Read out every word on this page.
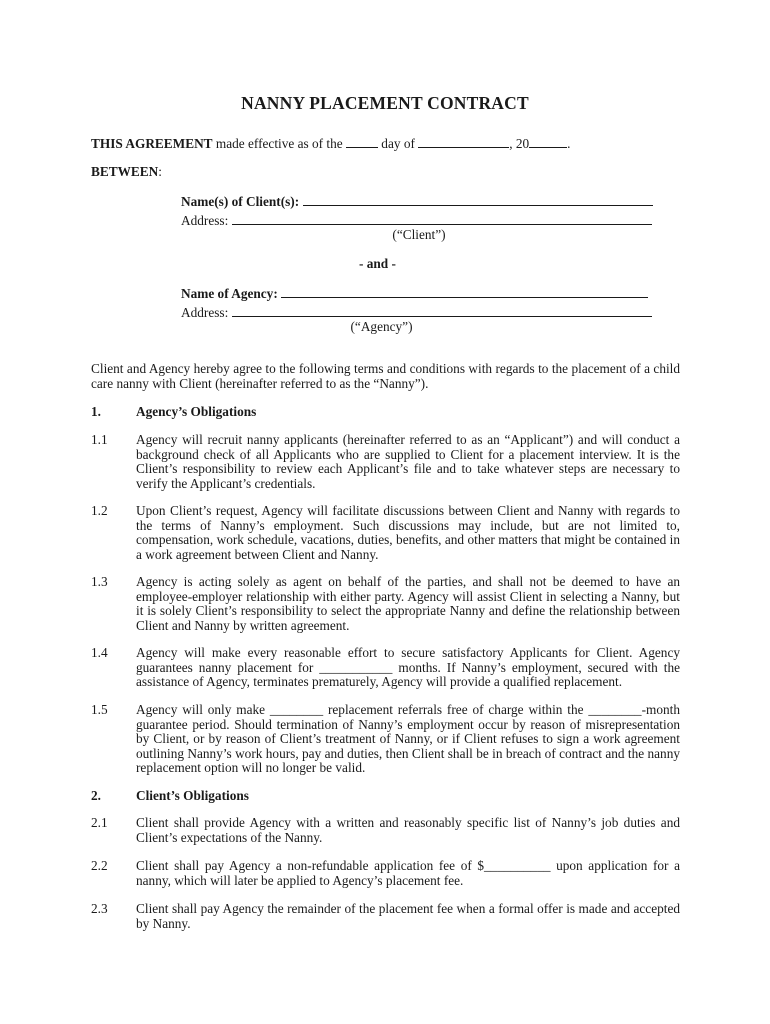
NANNY PLACEMENT CONTRACT
THIS AGREEMENT made effective as of the  day of	, 20	.
BETWEEN:
Name(s) of Client(s):
Address:
(“Client”)
- and -
Name of Agency:
Address:
(“Agency”)
Client and Agency hereby agree to the following terms and conditions with regards to the placement of a child care nanny with Client (hereinafter referred to as the “Nanny”).
1.	Agency’s Obligations
1.1 Agency will recruit nanny applicants (hereinafter referred to as an “Applicant”) and will conduct a background check of all Applicants who are supplied to Client for a placement interview. It is the Client’s responsibility to review each Applicant’s file and to take whatever steps are necessary to verify the Applicant’s credentials.
1.2 Upon Client’s request, Agency will facilitate discussions between Client and Nanny with regards to the terms of Nanny’s employment. Such discussions may include, but are not limited to, compensation, work schedule, vacations, duties, benefits, and other matters that might be contained in a work agreement between Client and Nanny.
1.3 Agency is acting solely as agent on behalf of the parties, and shall not be deemed to have an employee-employer relationship with either party. Agency will assist Client in selecting a Nanny, but it is solely Client’s responsibility to select the appropriate Nanny and define the relationship between Client and Nanny by written agreement.
1.4 Agency will make every reasonable effort to secure satisfactory Applicants for Client. Agency guarantees nanny placement for ___________ months. If Nanny’s employment, secured with the assistance of Agency, terminates prematurely, Agency will provide a qualified replacement.
1.5 Agency will only make ________ replacement referrals free of charge within the ________-month guarantee period. Should termination of Nanny’s employment occur by reason of misrepresentation by Client, or by reason of Client’s treatment of Nanny, or if Client refuses to sign a work agreement outlining Nanny’s work hours, pay and duties, then Client shall be in breach of contract and the nanny replacement option will no longer be valid.
2.	Client’s Obligations
2.1 Client shall provide Agency with a written and reasonably specific list of Nanny’s job duties and Client’s expectations of the Nanny.
2.2 Client shall pay Agency a non-refundable application fee of $__________ upon application for a nanny, which will later be applied to Agency’s placement fee.
2.3 Client shall pay Agency the remainder of the placement fee when a formal offer is made and accepted by Nanny.
